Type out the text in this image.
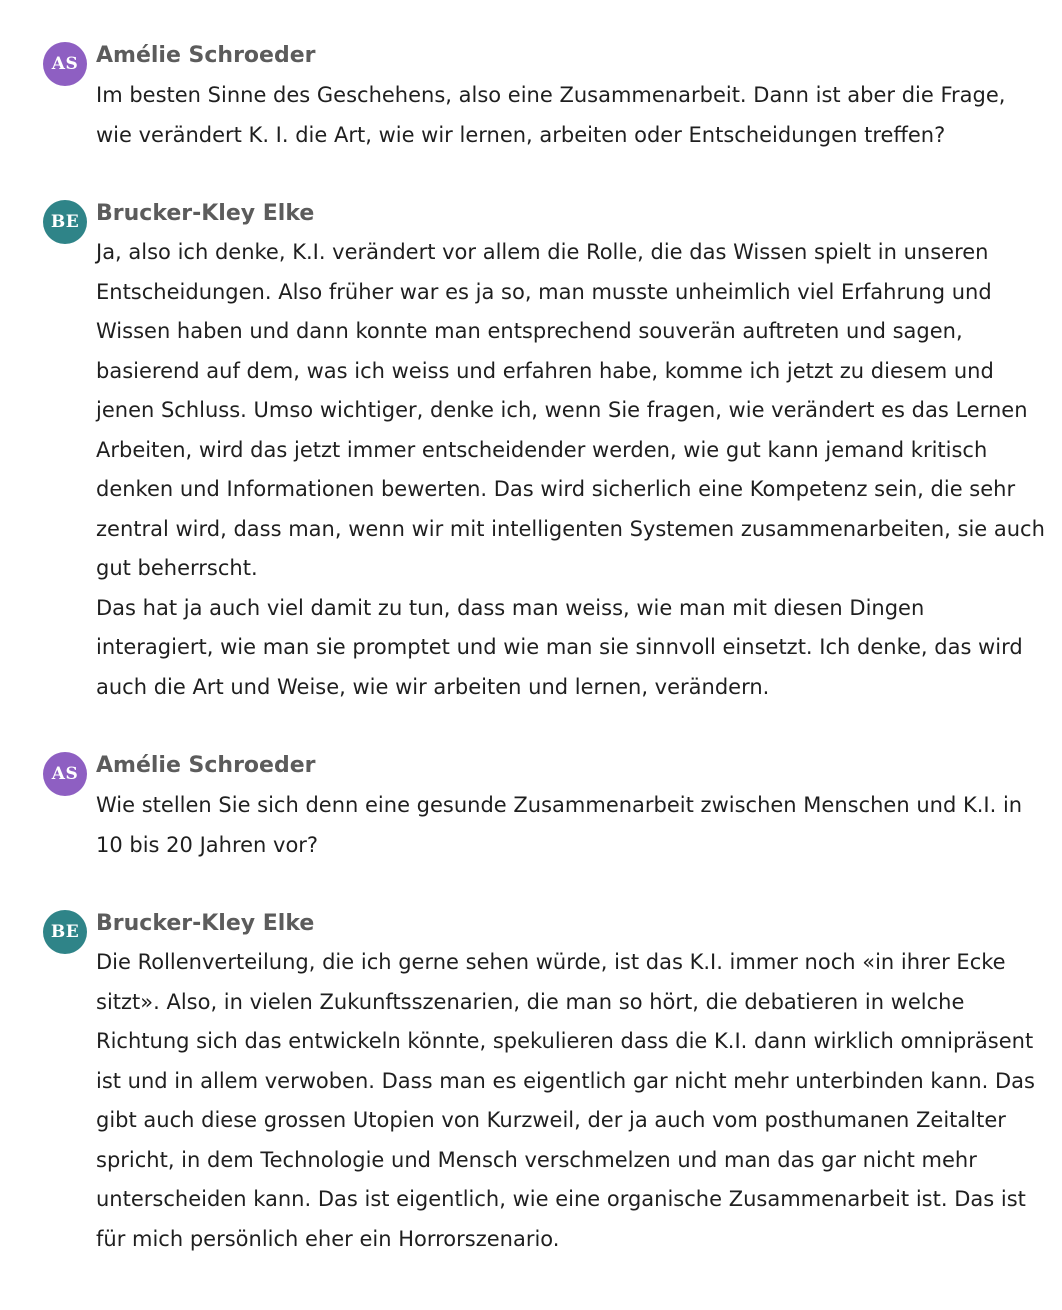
AS Amélie Schroeder

Im besten Sinne des Geschehens, also eine Zusammenarbeit. Dann ist aber die Frage, wie verändert K. I. die Art, wie wir lernen, arbeiten oder Entscheidungen treffen?

BE Brucker-Kley Elke

Ja, also ich denke, K.I. verändert vor allem die Rolle, die das Wissen spielt in unseren Entscheidungen. Also früher war es ja so, man musste unheimlich viel Erfahrung und Wissen haben und dann konnte man entsprechend souverän auftreten und sagen, basierend auf dem, was ich weiss und erfahren habe, komme ich jetzt zu diesem und jenen Schluss. Umso wichtiger, denke ich, wenn Sie fragen, wie verändert es das Lernen Arbeiten, wird das jetzt immer entscheidender werden, wie gut kann jemand kritisch denken und Informationen bewerten. Das wird sicherlich eine Kompetenz sein, die sehr zentral wird, dass man, wenn wir mit intelligenten Systemen zusammenarbeiten, sie auch gut beherrscht.

Das hat ja auch viel damit zu tun, dass man weiss, wie man mit diesen Dingen interagiert, wie man sie promptet und wie man sie sinnvoll einsetzt. Ich denke, das wird auch die Art und Weise, wie wir arbeiten und lernen, verändern.

AS Amélie Schroeder

Wie stellen Sie sich denn eine gesunde Zusammenarbeit zwischen Menschen und K.I. in 10 bis 20 Jahren vor?

BE Brucker-Kley Elke

Die Rollenverteilung, die ich gerne sehen würde, ist das K.I. immer noch «in ihrer Ecke sitzt». Also, in vielen Zukunftsszenarien, die man so hört, die debatieren in welche Richtung sich das entwickeln könnte, spekulieren dass die K.I. dann wirklich omnipräsent ist und in allem verwoben. Dass man es eigentlich gar nicht mehr unterbinden kann. Das gibt auch diese grossen Utopien von Kurzweil, der ja auch vom posthumanen Zeitalter spricht, in dem Technologie und Mensch verschmelzen und man das gar nicht mehr unterscheiden kann. Das ist eigentlich, wie eine organische Zusammenarbeit ist. Das ist für mich persönlich eher ein Horrorszenario.
